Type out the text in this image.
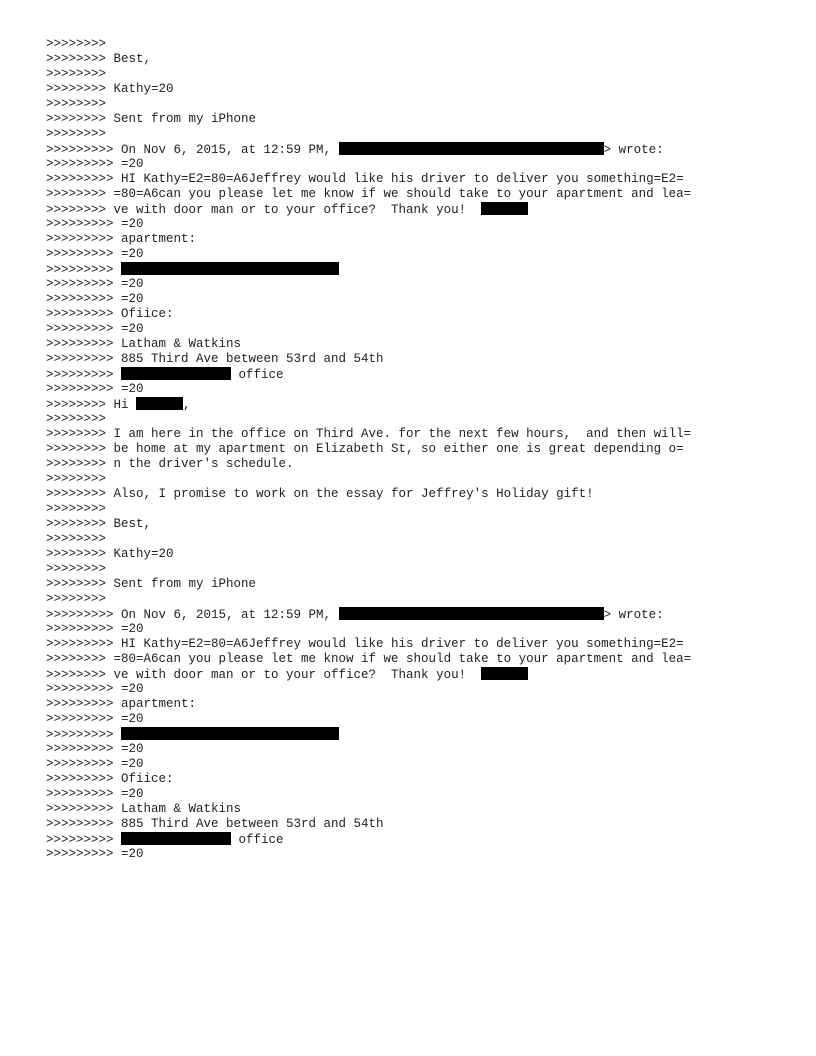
>>>>>>>>
>>>>>>>> Best,
>>>>>>>>
>>>>>>>> Kathy=20
>>>>>>>>
>>>>>>>> Sent from my iPhone
>>>>>>>>
>>>>>>>>> On Nov 6, 2015, at 12:59 PM,	> wrote:
>>>>>>>>> =20
>>>>>>>>> HI Kathy=E2=80=A6Jeffrey would like his driver to deliver you something=E2=
>>>>>>>> =80=A6can you please let me know if we should take to your apartment and lea=
>>>>>>>> ve with door man or to your office?  Thank you!
>>>>>>>>> =20
>>>>>>>>> apartment:
>>>>>>>>> =20
>>>>>>>>>
>>>>>>>>> =20
>>>>>>>>> =20
>>>>>>>>> Ofiice:
>>>>>>>>> =20
>>>>>>>>> Latham & Watkins
>>>>>>>>> 885 Third Ave between 53rd and 54th
>>>>>>>>>	office
>>>>>>>>> =20
>>>>>>>> Hi	,
>>>>>>>>
>>>>>>>> I am here in the office on Third Ave. for the next few hours,  and then will=
>>>>>>>> be home at my apartment on Elizabeth St, so either one is great depending o=
>>>>>>>> n the driver's schedule.
>>>>>>>>
>>>>>>>> Also, I promise to work on the essay for Jeffrey's Holiday gift!
>>>>>>>>
>>>>>>>> Best,
>>>>>>>>
>>>>>>>> Kathy=20
>>>>>>>>
>>>>>>>> Sent from my iPhone
>>>>>>>>
>>>>>>>>> On Nov 6, 2015, at 12:59 PM,	> wrote:
>>>>>>>>> =20
>>>>>>>>> HI Kathy=E2=80=A6Jeffrey would like his driver to deliver you something=E2=
>>>>>>>> =80=A6can you please let me know if we should take to your apartment and lea=
>>>>>>>> ve with door man or to your office?  Thank you!
>>>>>>>>> =20
>>>>>>>>> apartment:
>>>>>>>>> =20
>>>>>>>>>
>>>>>>>>> =20
>>>>>>>>> =20
>>>>>>>>> Ofiice:
>>>>>>>>> =20
>>>>>>>>> Latham & Watkins
>>>>>>>>> 885 Third Ave between 53rd and 54th
>>>>>>>>>	office
>>>>>>>>> =20
